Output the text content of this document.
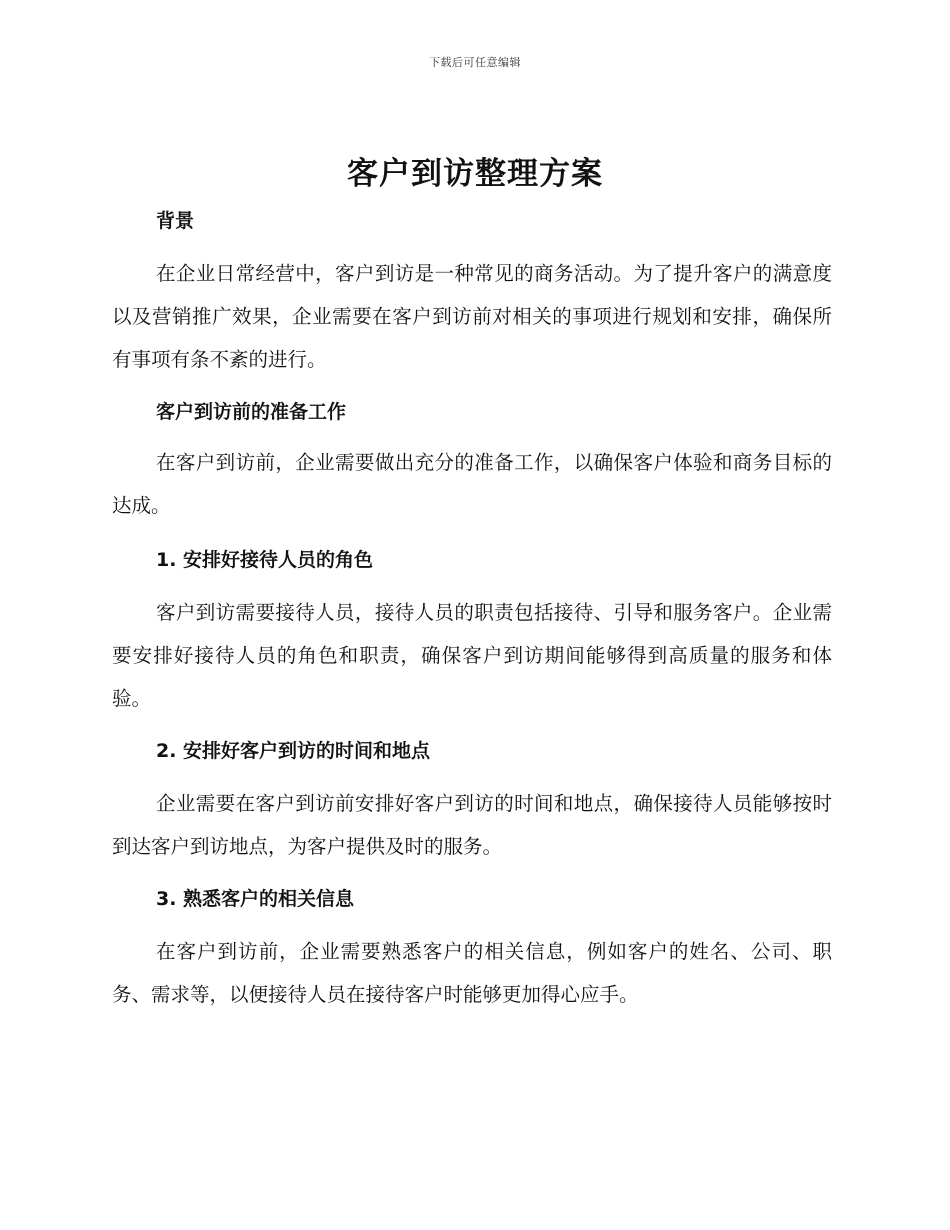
下载后可任意编辑
客户到访整理方案

背景

在企业日常经营中，客户到访是一种常见的商务活动。为了提升客户的满意度以及营销推广效果，企业需要在客户到访前对相关的事项进行规划和安排，确保所有事项有条不紊的进行。

客户到访前的准备工作

在客户到访前，企业需要做出充分的准备工作，以确保客户体验和商务目标的达成。

1. 安排好接待人员的角色

客户到访需要接待人员，接待人员的职责包括接待、引导和服务客户。企业需要安排好接待人员的角色和职责，确保客户到访期间能够得到高质量的服务和体验。

2. 安排好客户到访的时间和地点

企业需要在客户到访前安排好客户到访的时间和地点，确保接待人员能够按时到达客户到访地点，为客户提供及时的服务。

3. 熟悉客户的相关信息

在客户到访前，企业需要熟悉客户的相关信息，例如客户的姓名、公司、职务、需求等，以便接待人员在接待客户时能够更加得心应手。
